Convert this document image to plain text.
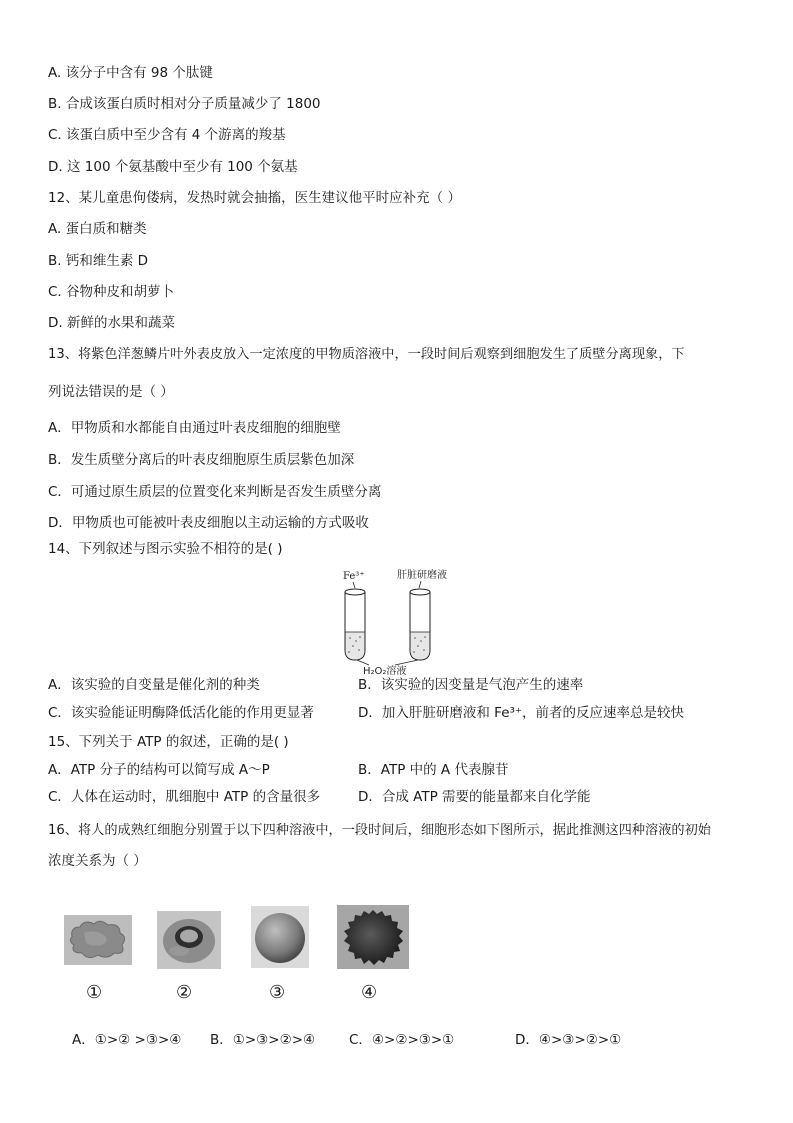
A. 该分子中含有 98 个肽键
B. 合成该蛋白质时相对分子质量减少了 1800
C. 该蛋白质中至少含有 4 个游离的羧基
D. 这 100 个氨基酸中至少有 100 个氨基
12、某儿童患佝偻病，发热时就会抽搐，医生建议他平时应补充（ ）
A. 蛋白质和糖类
B. 钙和维生素 D
C. 谷物种皮和胡萝卜
D. 新鲜的水果和蔬菜
13、将紫色洋葱鳞片叶外表皮放入一定浓度的甲物质溶液中，一段时间后观察到细胞发生了质壁分离现象，下
列说法错误的是（ ）
A．甲物质和水都能自由通过叶表皮细胞的细胞壁
B．发生质壁分离后的叶表皮细胞原生质层紫色加深
C．可通过原生质层的位置变化来判断是否发生质壁分离
D．甲物质也可能被叶表皮细胞以主动运输的方式吸收
14、下列叙述与图示实验不相符的是( )
Fe³⁺	肝脏研磨液
H₂O₂溶液
A．该实验的自变量是催化剂的种类	B．该实验的因变量是气泡产生的速率
C．该实验能证明酶降低活化能的作用更显著	D．加入肝脏研磨液和 Fe³⁺，前者的反应速率总是较快
15、下列关于 ATP 的叙述，正确的是( )
A．ATP 分子的结构可以简写成 A～P	B．ATP 中的 A 代表腺苷
C．人体在运动时，肌细胞中 ATP 的含量很多	D．合成 ATP 需要的能量都来自化学能
16、将人的成熟红细胞分别置于以下四种溶液中，一段时间后，细胞形态如下图所示，据此推测这四种溶液的初始
浓度关系为（ ）
①	②	③	④
A．①>② >③>④ B．①>③>②>④	C．④>②>③>①	D．④>③>②>①
